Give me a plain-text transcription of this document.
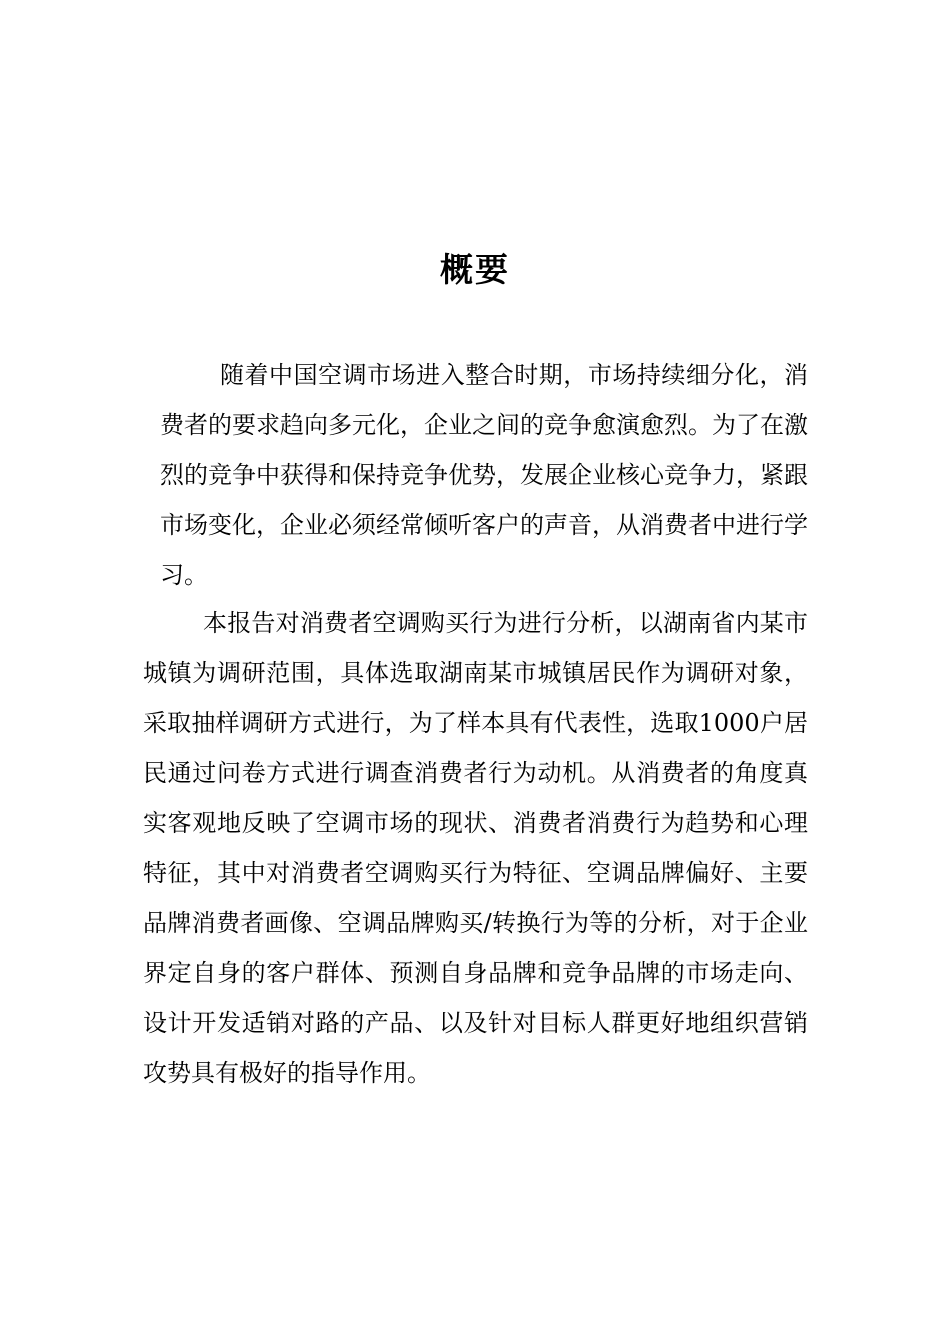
概要

随着中国空调市场进入整合时期，市场持续细分化，消费者的要求趋向多元化，企业之间的竞争愈演愈烈。为了在激烈的竞争中获得和保持竞争优势，发展企业核心竞争力，紧跟市场变化，企业必须经常倾听客户的声音，从消费者中进行学习。

本报告对消费者空调购买行为进行分析，以湖南省内某市城镇为调研范围，具体选取湖南某市城镇居民作为调研对象，采取抽样调研方式进行，为了样本具有代表性，选取1000户居民通过问卷方式进行调查消费者行为动机。从消费者的角度真实客观地反映了空调市场的现状、消费者消费行为趋势和心理特征，其中对消费者空调购买行为特征、空调品牌偏好、主要品牌消费者画像、空调品牌购买/转换行为等的分析，对于企业界定自身的客户群体、预测自身品牌和竞争品牌的市场走向、设计开发适销对路的产品、以及针对目标人群更好地组织营销攻势具有极好的指导作用。
